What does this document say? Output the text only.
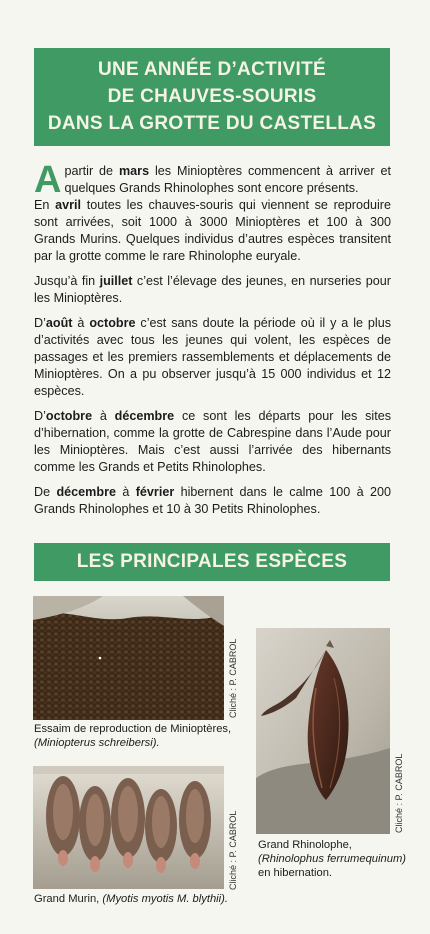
UNE ANNÉE D’ACTIVITÉ
DE CHAUVES-SOURIS
DANS LA GROTTE DU CASTELLAS

Apartir de mars les Minioptères commencent à arriver et quelques Grands Rhinolophes sont encore présents.
En avril toutes les chauves-souris qui viennent se reproduire sont arrivées, soit 1000 à 3000 Minioptères et 100 à 300 Grands Murins. Quelques individus d’autres espèces transitent par la grotte comme le rare Rhinolophe euryale.

Jusqu’à fin juillet c’est l’élevage des jeunes, en nurseries pour les Minioptères.

D’août à octobre c’est sans doute la période où il y a le plus d’activités avec tous les jeunes qui volent, les espèces de passages et les premiers rassemblements et déplacements de Minioptères. On a pu observer jusqu’à 15 000 individus et 12 espèces.

D’octobre à décembre ce sont les départs pour les sites d’hibernation, comme la grotte de Cabrespine dans l’Aude pour les Minioptères. Mais c’est aussi l’arrivée des hibernants comme les Grands et Petits Rhinolophes.

De décembre à février hibernent dans le calme 100 à 200 Grands Rhinolophes et 10 à 30 Petits Rhinolophes.

LES PRINCIPALES ESPÈCES
Cliché : P. CABROL
Essaim de reproduction de Minioptères,
(Miniopterus schreibersi).
Cliché : P. CABROL
Grand Rhinolophe,
(Rhinolophus ferrumequinum)
en hibernation.
Cliché : P. CABROL
Grand Murin, (Myotis myotis M. blythii).
